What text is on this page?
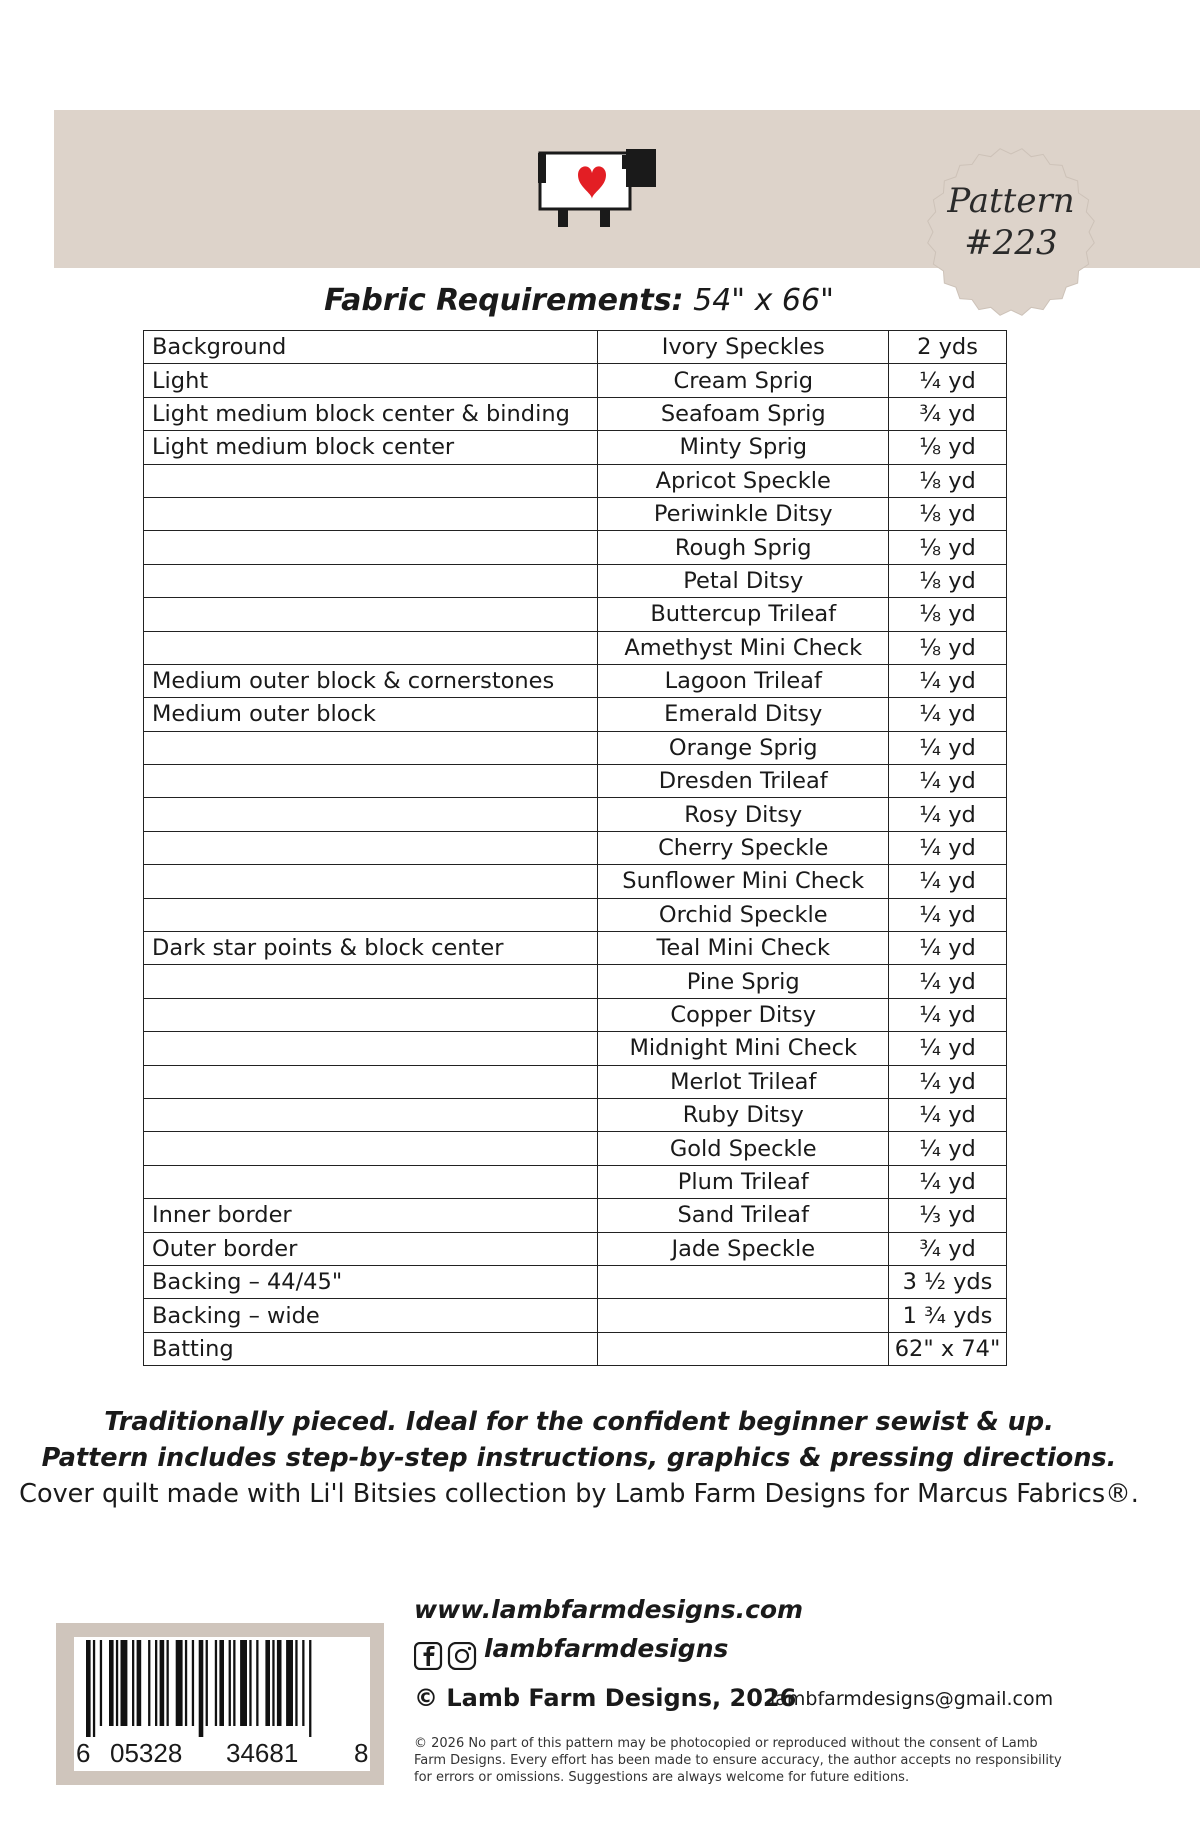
Pattern
#223
Fabric Requirements: 54" x 66"
Background	Ivory Speckles	2 yds
Light	Cream Sprig	¼ yd
Light medium block center & binding	Seafoam Sprig	¾ yd
Light medium block center	Minty Sprig	⅛ yd
	Apricot Speckle	⅛ yd
	Periwinkle Ditsy	⅛ yd
	Rough Sprig	⅛ yd
	Petal Ditsy	⅛ yd
	Buttercup Trileaf	⅛ yd
	Amethyst Mini Check	⅛ yd
Medium outer block & cornerstones	Lagoon Trileaf	¼ yd
Medium outer block	Emerald Ditsy	¼ yd
	Orange Sprig	¼ yd
	Dresden Trileaf	¼ yd
	Rosy Ditsy	¼ yd
	Cherry Speckle	¼ yd
	Sunflower Mini Check	¼ yd
	Orchid Speckle	¼ yd
Dark star points & block center	Teal Mini Check	¼ yd
	Pine Sprig	¼ yd
	Copper Ditsy	¼ yd
	Midnight Mini Check	¼ yd
	Merlot Trileaf	¼ yd
	Ruby Ditsy	¼ yd
	Gold Speckle	¼ yd
	Plum Trileaf	¼ yd
Inner border	Sand Trileaf	⅓ yd
Outer border	Jade Speckle	¾ yd
Backing – 44/45"		3 ½ yds
Backing – wide		1 ¾ yds
Batting		62" x 74"
Traditionally pieced. Ideal for the confident beginner sewist & up.
Pattern includes step-by-step instructions, graphics & pressing directions.
Cover quilt made with Li'l Bitsies collection by Lamb Farm Designs for Marcus Fabrics®.
6 05328 34681 8
www.lambfarmdesigns.com
lambfarmdesigns
© Lamb Farm Designs, 2026
lambfarmdesigns@gmail.com
© 2026 No part of this pattern may be photocopied or reproduced without the consent of Lamb Farm Designs. Every effort has been made to ensure accuracy, the author accepts no responsibility for errors or omissions. Suggestions are always welcome for future editions.
